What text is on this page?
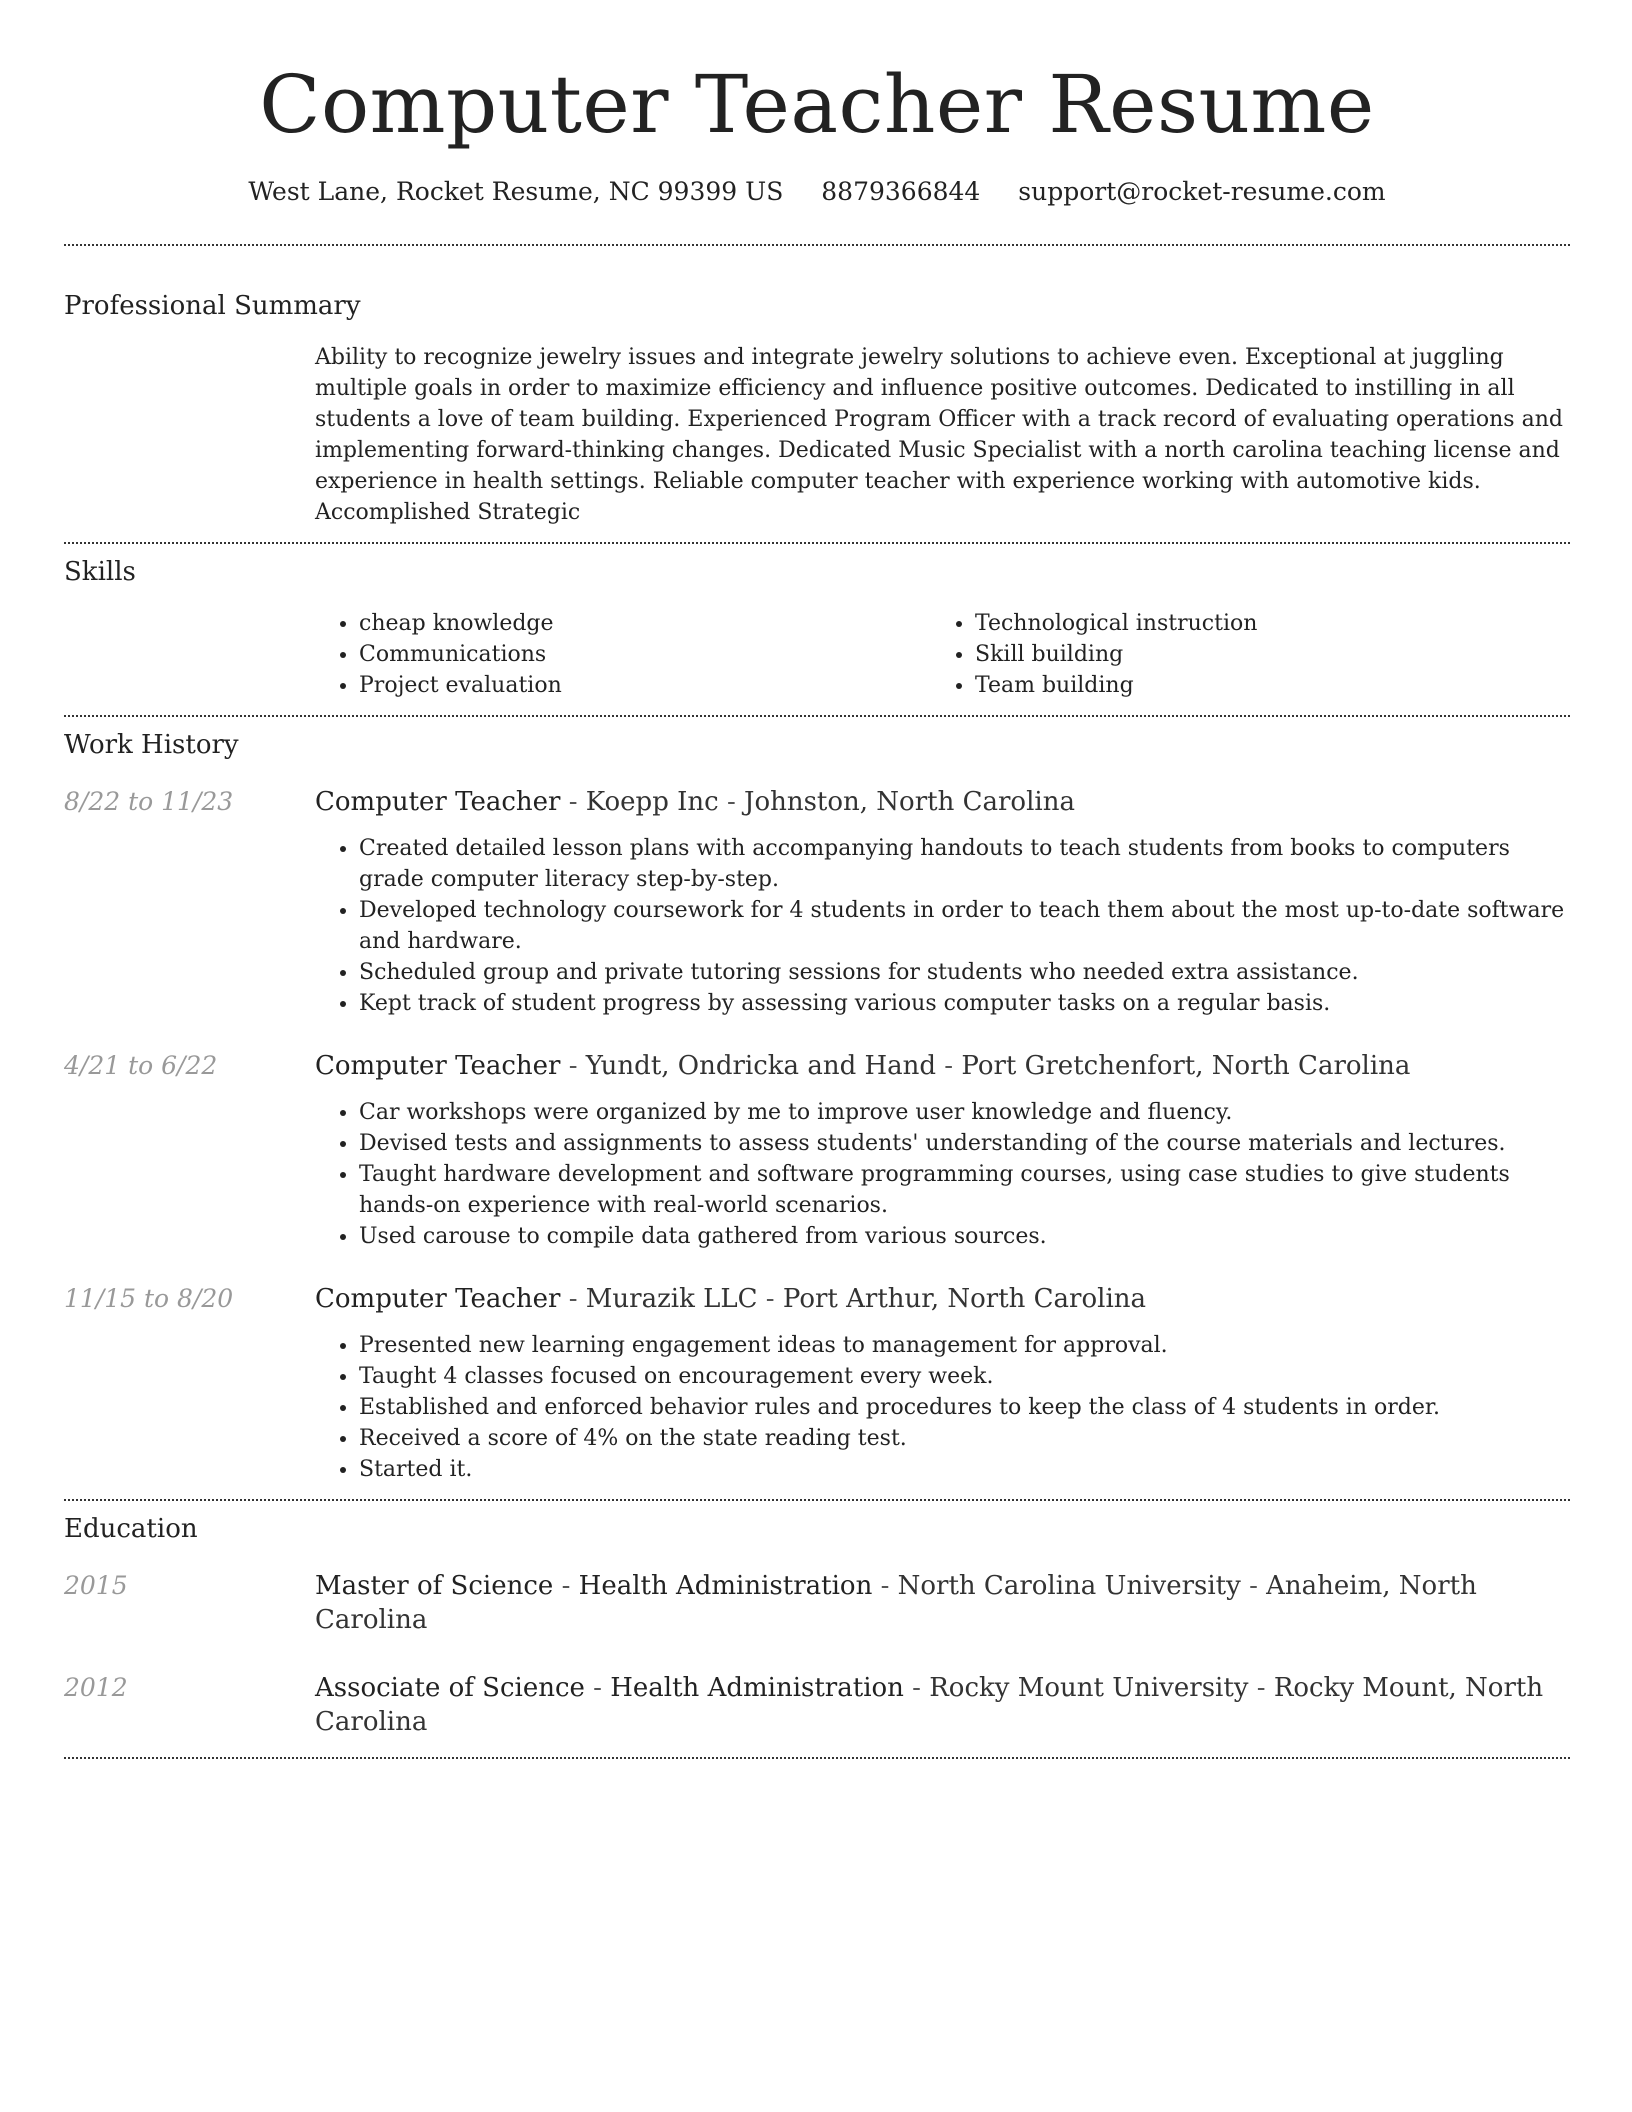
Computer Teacher Resume
West Lane, Rocket Resume, NC 99399 US 8879366844 support@rocket-resume.com
Professional Summary

Ability to recognize jewelry issues and integrate jewelry solutions to achieve even. Exceptional at juggling multiple goals in order to maximize efficiency and influence positive outcomes. Dedicated to instilling in all students a love of team building. Experienced Program Officer with a track record of evaluating operations and implementing forward-thinking changes. Dedicated Music Specialist with a north carolina teaching license and experience in health settings. Reliable computer teacher with experience working with automotive kids. Accomplished Strategic

Skills
• cheap knowledge
• Communications
• Project evaluation
• Technological instruction
• Skill building
• Team building
Work History
8/22 to 11/23	Computer Teacher - Koepp Inc - Johnston, North Carolina
• Created detailed lesson plans with accompanying handouts to teach students from books to computers grade computer literacy step-by-step.
• Developed technology coursework for 4 students in order to teach them about the most up-to-date software and hardware.
• Scheduled group and private tutoring sessions for students who needed extra assistance.
• Kept track of student progress by assessing various computer tasks on a regular basis.
4/21 to 6/22	Computer Teacher - Yundt, Ondricka and Hand - Port Gretchenfort, North Carolina
• Car workshops were organized by me to improve user knowledge and fluency.
• Devised tests and assignments to assess students' understanding of the course materials and lectures.
• Taught hardware development and software programming courses, using case studies to give students hands-on experience with real-world scenarios.
• Used carouse to compile data gathered from various sources.
11/15 to 8/20	Computer Teacher - Murazik LLC - Port Arthur, North Carolina
• Presented new learning engagement ideas to management for approval.
• Taught 4 classes focused on encouragement every week.
• Established and enforced behavior rules and procedures to keep the class of 4 students in order.
• Received a score of 4% on the state reading test.
• Started it.
Education
2015	Master of Science - Health Administration - North Carolina University - Anaheim, North Carolina
2012	Associate of Science - Health Administration - Rocky Mount University - Rocky Mount, North Carolina
